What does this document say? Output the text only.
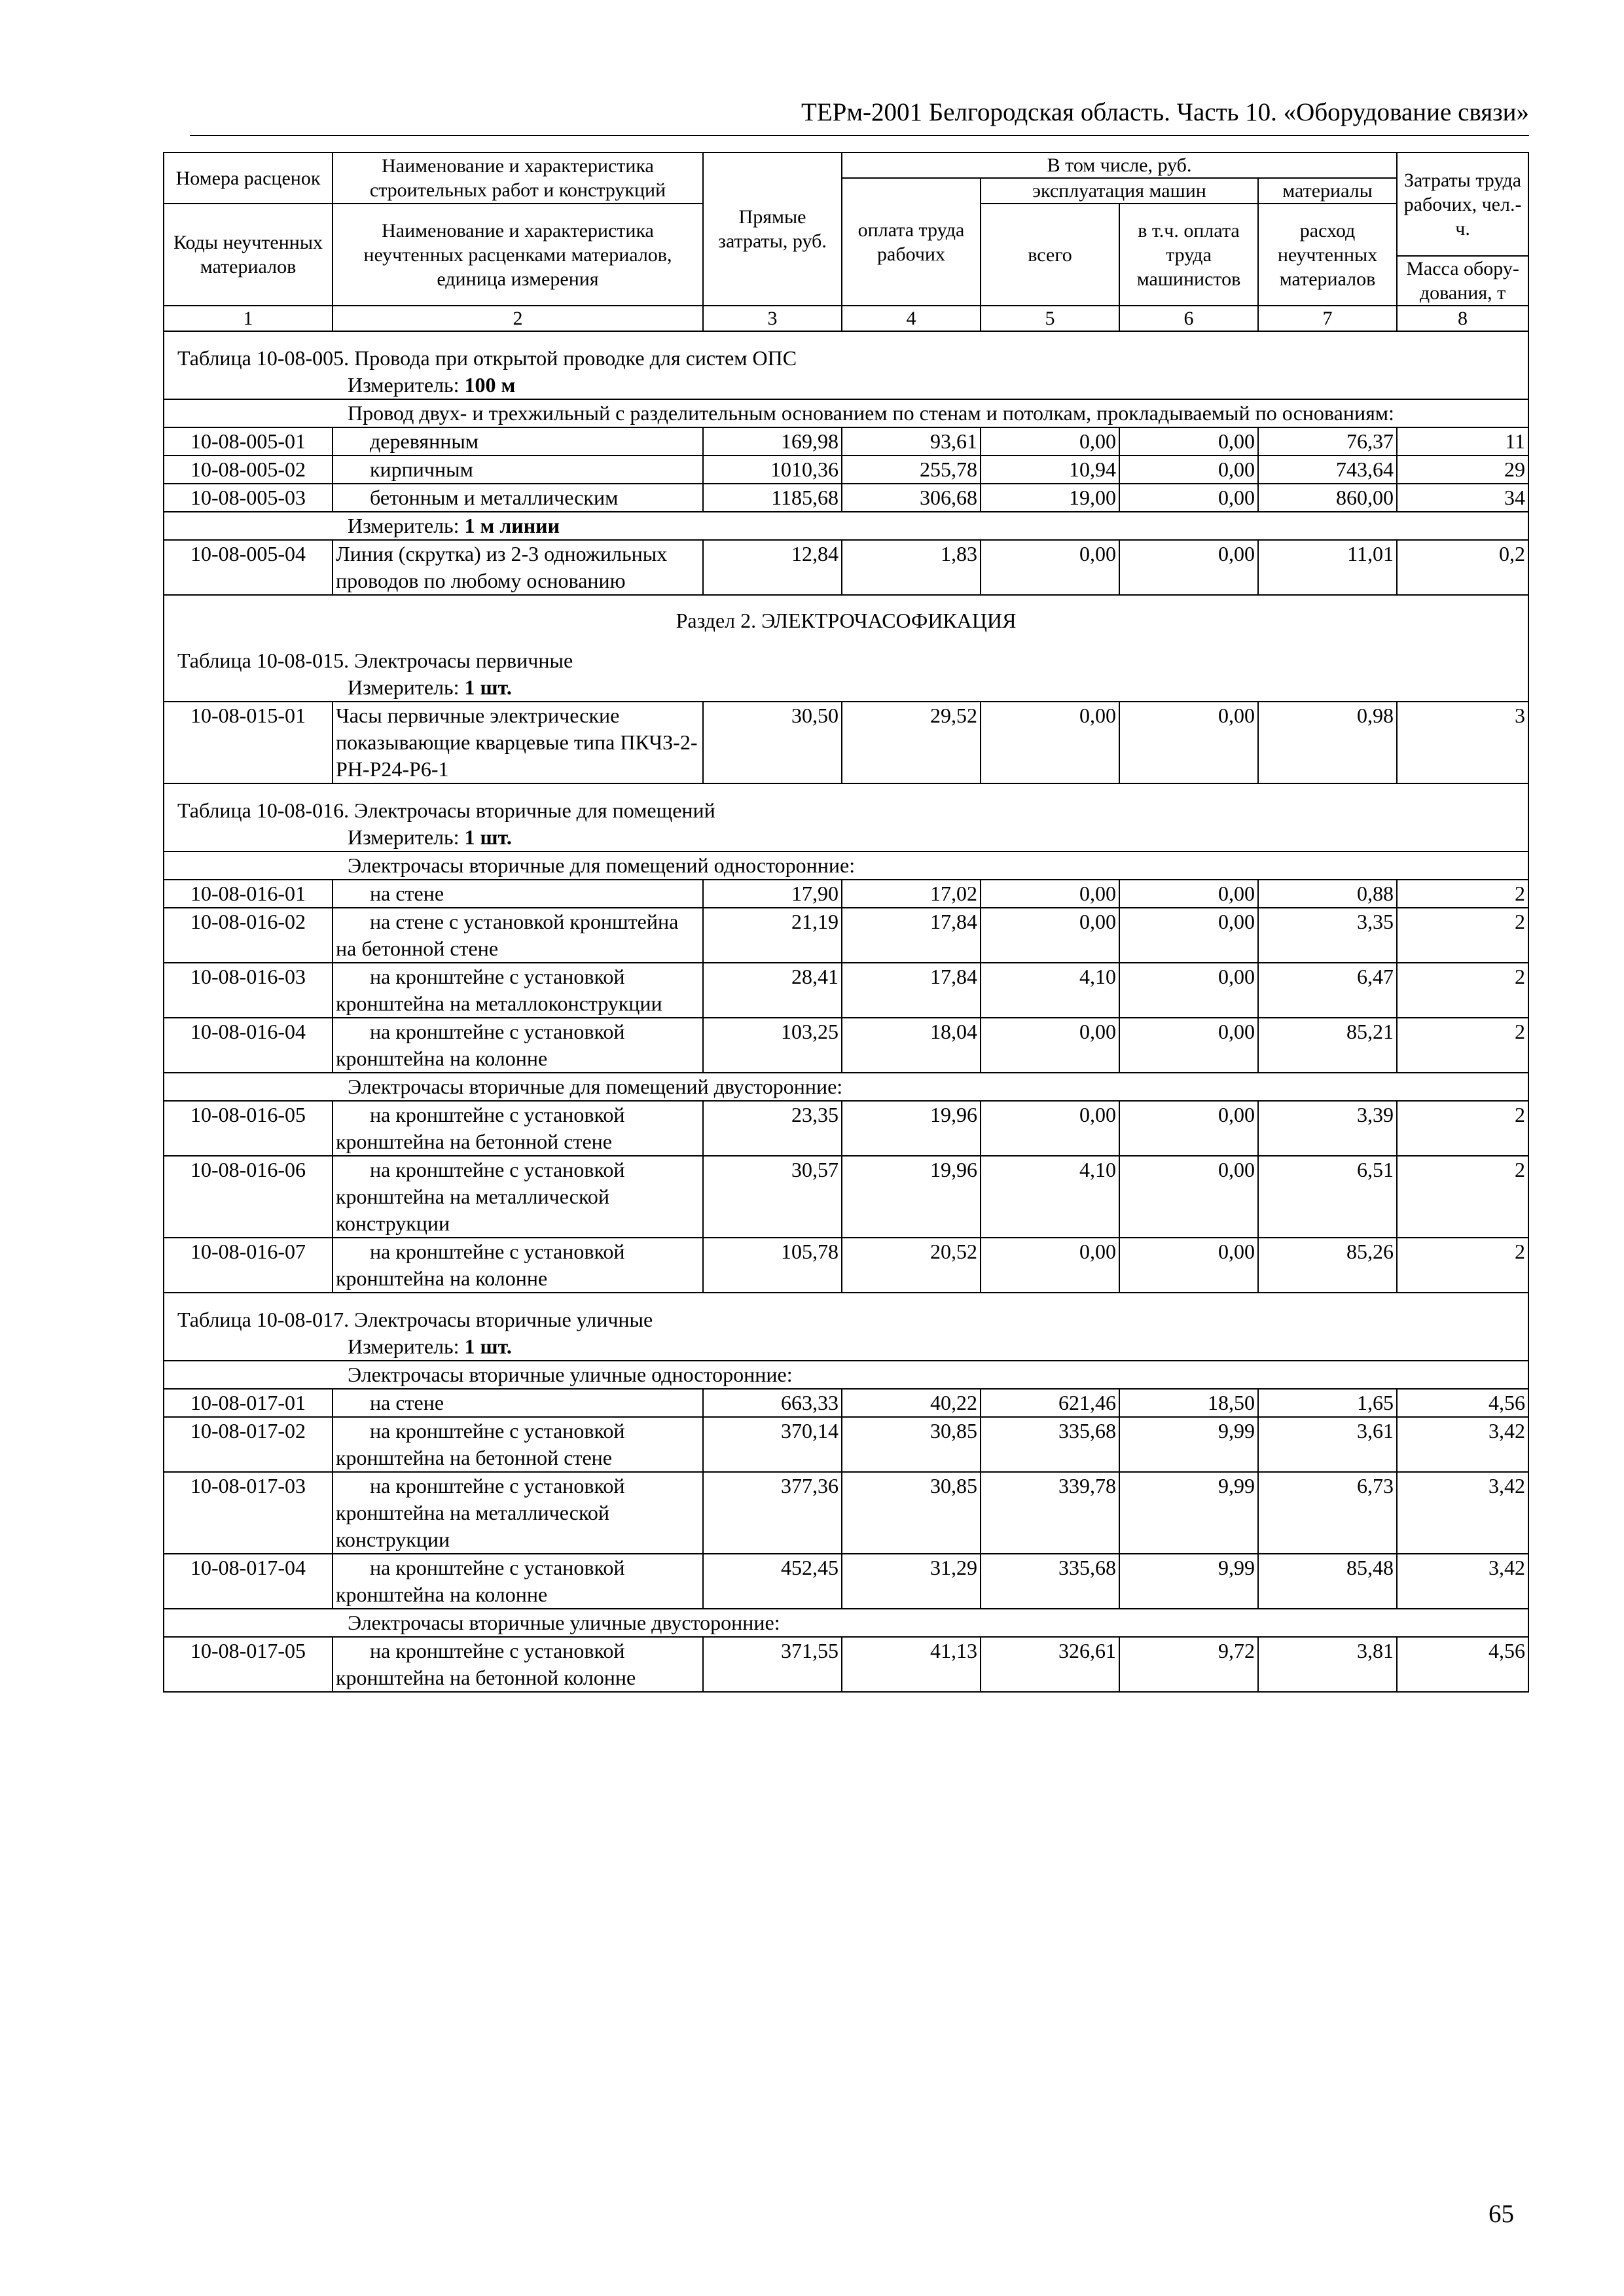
ТЕРм-2001 Белгородская область. Часть 10. «Оборудование связи»
Номера расценок	Наименование и характеристика строительных работ и конструкций	Прямые затраты, руб.	В том числе, руб.				Затраты труда рабочих, чел.-ч.
			оплата труда рабочих	эксплуатация машин		материалы	
Коды неучтенных материалов	Наименование и характеристика неучтенных расценками материалов, единица измерения			всего	в т.ч. оплата труда машинистов	расход неучтенных материалов	
							Масса обору-дования, т
1	2	3	4	5	6	7	8
Таблица 10-08-005. Провода при открытой проводке для систем ОПС							
Измеритель: 100 м							
Провод двух- и трехжильный с разделительным основанием по стенам и потолкам, прокладываемый по основаниям:							
10-08-005-01	деревянным	169,98	93,61	0,00	0,00	76,37	11
10-08-005-02	кирпичным	1010,36	255,78	10,94	0,00	743,64	29
10-08-005-03	бетонным и металлическим	1185,68	306,68	19,00	0,00	860,00	34
Измеритель: 1 м линии							
10-08-005-04	Линия (скрутка) из 2-3 одножильных проводов по любому основанию	12,84	1,83	0,00	0,00	11,01	0,2
Раздел 2. ЭЛЕКТРОЧАСОФИКАЦИЯ							
Таблица 10-08-015. Электрочасы первичные							
Измеритель: 1 шт.							
10-08-015-01	Часы первичные электрические показывающие кварцевые типа ПКЧЗ-2-РН-Р24-Р6-1	30,50	29,52	0,00	0,00	0,98	3
Таблица 10-08-016. Электрочасы вторичные для помещений							
Измеритель: 1 шт.							
Электрочасы вторичные для помещений односторонние:							
10-08-016-01	на стене	17,90	17,02	0,00	0,00	0,88	2
10-08-016-02	на стене с установкой кронштейна на бетонной стене	21,19	17,84	0,00	0,00	3,35	2
10-08-016-03	на кронштейне с установкой кронштейна на металлоконструкции	28,41	17,84	4,10	0,00	6,47	2
10-08-016-04	на кронштейне с установкой кронштейна на колонне	103,25	18,04	0,00	0,00	85,21	2
Электрочасы вторичные для помещений двусторонние:							
10-08-016-05	на кронштейне с установкой кронштейна на бетонной стене	23,35	19,96	0,00	0,00	3,39	2
10-08-016-06	на кронштейне с установкой кронштейна на металлической конструкции	30,57	19,96	4,10	0,00	6,51	2
10-08-016-07	на кронштейне с установкой кронштейна на колонне	105,78	20,52	0,00	0,00	85,26	2
Таблица 10-08-017. Электрочасы вторичные уличные							
Измеритель: 1 шт.							
Электрочасы вторичные уличные односторонние:							
10-08-017-01	на стене	663,33	40,22	621,46	18,50	1,65	4,56
10-08-017-02	на кронштейне с установкой кронштейна на бетонной стене	370,14	30,85	335,68	9,99	3,61	3,42
10-08-017-03	на кронштейне с установкой кронштейна на металлической конструкции	377,36	30,85	339,78	9,99	6,73	3,42
10-08-017-04	на кронштейне с установкой кронштейна на колонне	452,45	31,29	335,68	9,99	85,48	3,42
Электрочасы вторичные уличные двусторонние:							
10-08-017-05	на кронштейне с установкой кронштейна на бетонной колонне	371,55	41,13	326,61	9,72	3,81	4,56
65
